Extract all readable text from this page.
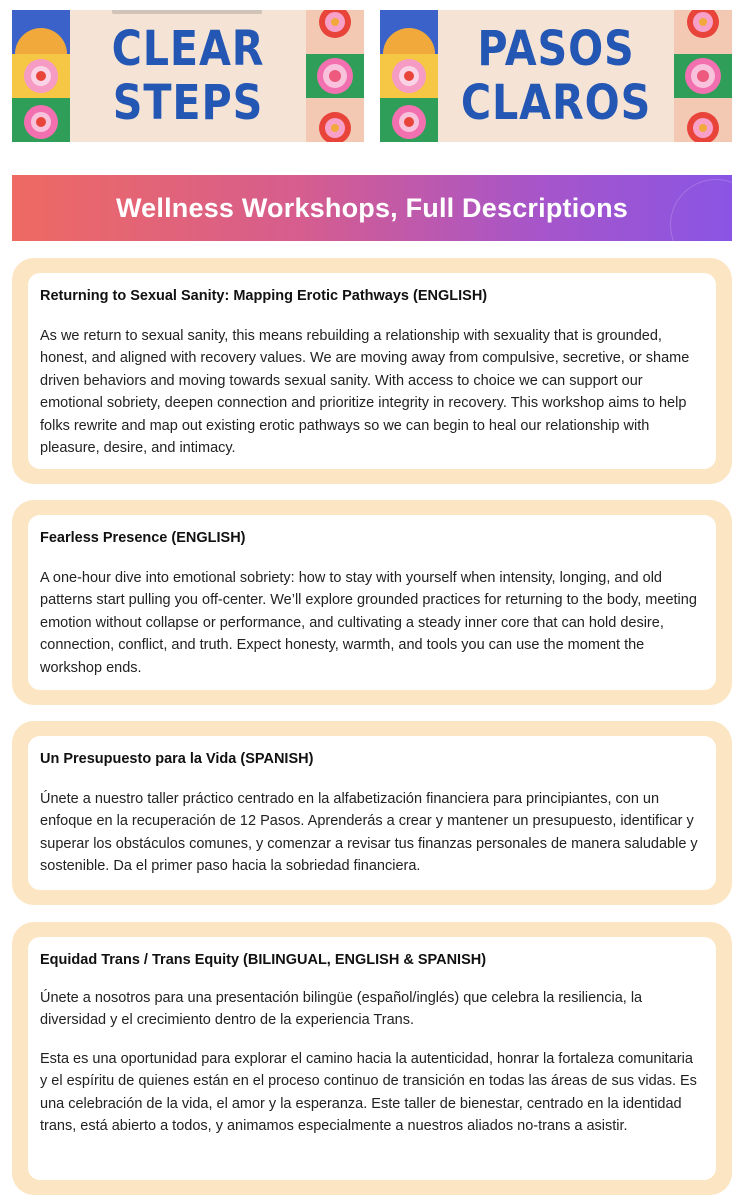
CLEAR
STEPS
PASOS
CLAROS
Wellness Workshops, Full Descriptions
Returning to Sexual Sanity: Mapping Erotic Pathways (ENGLISH)

As we return to sexual sanity, this means rebuilding a relationship with sexuality that is grounded, honest, and aligned with recovery values. We are moving away from compulsive, secretive, or shame driven behaviors and moving towards sexual sanity. With access to choice we can support our emotional sobriety, deepen connection and prioritize integrity in recovery. This workshop aims to help folks rewrite and map out existing erotic pathways so we can begin to heal our relationship with pleasure, desire, and intimacy.

Fearless Presence (ENGLISH)

A one-hour dive into emotional sobriety: how to stay with yourself when intensity, longing, and old patterns start pulling you off-center. We’ll explore grounded practices for returning to the body, meeting emotion without collapse or performance, and cultivating a steady inner core that can hold desire, connection, conflict, and truth. Expect honesty, warmth, and tools you can use the moment the workshop ends.

Un Presupuesto para la Vida (SPANISH)

Únete a nuestro taller práctico centrado en la alfabetización financiera para principiantes, con un enfoque en la recuperación de 12 Pasos. Aprenderás a crear y mantener un presupuesto, identificar y superar los obstáculos comunes, y comenzar a revisar tus finanzas personales de manera saludable y sostenible. Da el primer paso hacia la sobriedad financiera.

Equidad Trans / Trans Equity (BILINGUAL, ENGLISH & SPANISH)

Únete a nosotros para una presentación bilingüe (español/inglés) que celebra la resiliencia, la diversidad y el crecimiento dentro de la experiencia Trans.

Esta es una oportunidad para explorar el camino hacia la autenticidad, honrar la fortaleza comunitaria y el espíritu de quienes están en el proceso continuo de transición en todas las áreas de sus vidas. Es una celebración de la vida, el amor y la esperanza. Este taller de bienestar, centrado en la identidad trans, está abierto a todos, y animamos especialmente a nuestros aliados no-trans a asistir.
